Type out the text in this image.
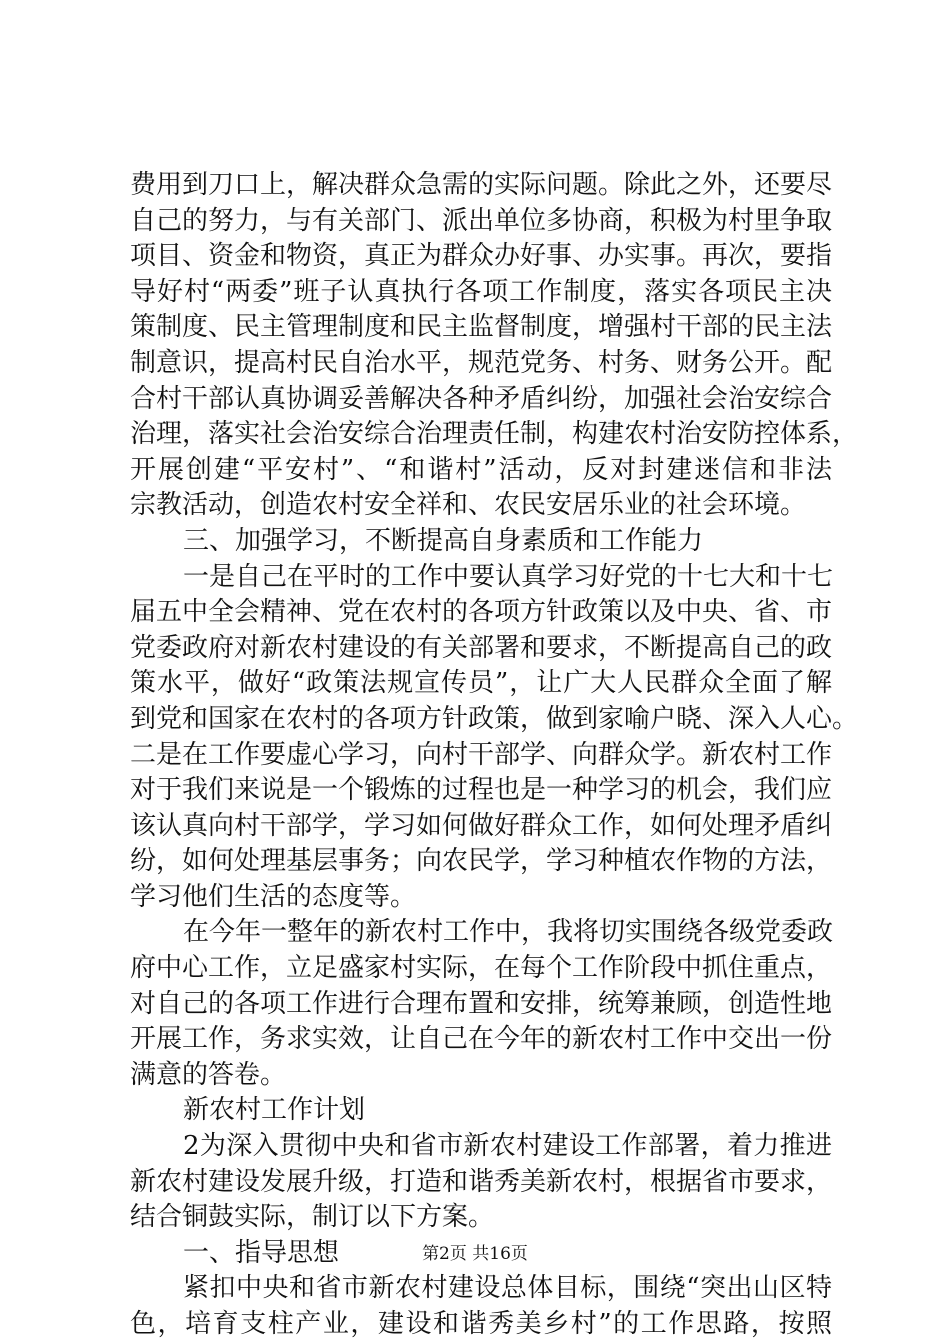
费用到刀口上，解决群众急需的实际问题。除此之外，还要尽
自己的努力，与有关部门、派出单位多协商，积极为村里争取
项目、资金和物资，真正为群众办好事、办实事。再次，要指
导好村“两委”班子认真执行各项工作制度，落实各项民主决
策制度、民主管理制度和民主监督制度，增强村干部的民主法
制意识，提高村民自治水平，规范党务、村务、财务公开。配
合村干部认真协调妥善解决各种矛盾纠纷，加强社会治安综合
治理，落实社会治安综合治理责任制，构建农村治安防控体系，
开展创建“平安村”、“和谐村”活动，反对封建迷信和非法
宗教活动，创造农村安全祥和、农民安居乐业的社会环境。
三、加强学习，不断提高自身素质和工作能力
一是自己在平时的工作中要认真学习好党的十七大和十七
届五中全会精神、党在农村的各项方针政策以及中央、省、市
党委政府对新农村建设的有关部署和要求，不断提高自己的政
策水平，做好“政策法规宣传员”，让广大人民群众全面了解
到党和国家在农村的各项方针政策，做到家喻户晓、深入人心。
二是在工作要虚心学习，向村干部学、向群众学。新农村工作
对于我们来说是一个锻炼的过程也是一种学习的机会，我们应
该认真向村干部学，学习如何做好群众工作，如何处理矛盾纠
纷，如何处理基层事务；向农民学，学习种植农作物的方法，
学习他们生活的态度等。
在今年一整年的新农村工作中，我将切实围绕各级党委政
府中心工作，立足盛家村实际，在每个工作阶段中抓住重点，
对自己的各项工作进行合理布置和安排，统筹兼顾，创造性地
开展工作，务求实效，让自己在今年的新农村工作中交出一份
满意的答卷。
新农村工作计划
2为深入贯彻中央和省市新农村建设工作部署，着力推进
新农村建设发展升级，打造和谐秀美新农村，根据省市要求，
结合铜鼓实际，制订以下方案。
一、指导思想
紧扣中央和省市新农村建设总体目标，围绕“突出山区特
色，培育支柱产业，建设和谐秀美乡村”的工作思路，按照
第2页 共16页
